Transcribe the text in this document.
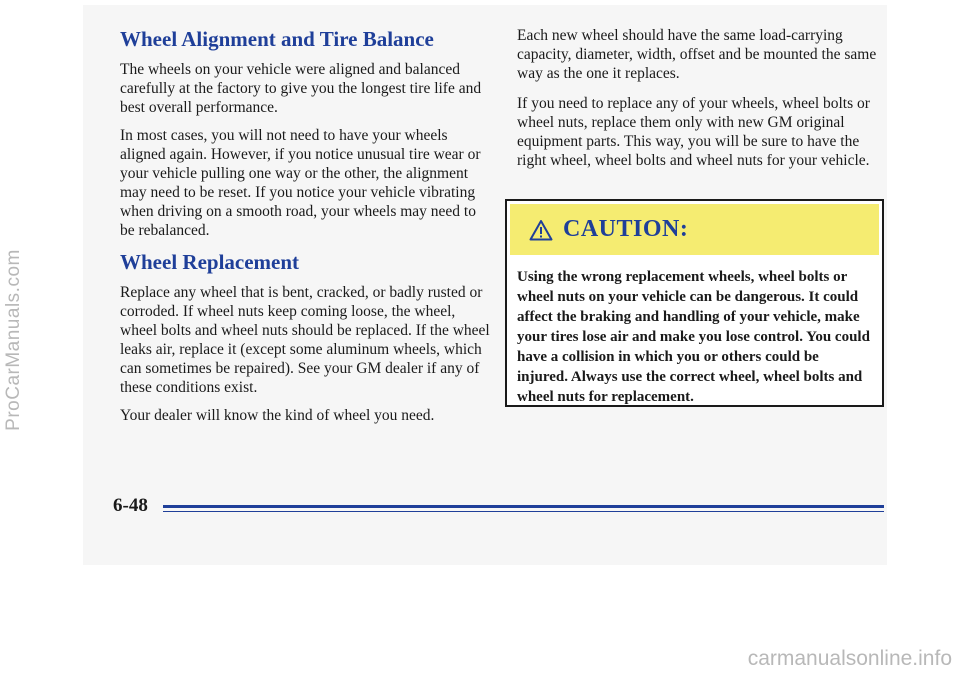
ProCarManuals.com
Wheel Alignment and Tire Balance

The wheels on your vehicle were aligned and balanced carefully at the factory to give you the longest tire life and best overall performance.

In most cases, you will not need to have your wheels aligned again. However, if you notice unusual tire wear or your vehicle pulling one way or the other, the alignment may need to be reset. If you notice your vehicle vibrating when driving on a smooth road, your wheels may need to be rebalanced.

Wheel Replacement

Replace any wheel that is bent, cracked, or badly rusted or corroded. If wheel nuts keep coming loose, the wheel, wheel bolts and wheel nuts should be replaced. If the wheel leaks air, replace it (except some aluminum wheels, which can sometimes be repaired). See your GM dealer if any of these conditions exist.

Your dealer will know the kind of wheel you need.

Each new wheel should have the same load-carrying capacity, diameter, width, offset and be mounted the same way as the one it replaces.

If you need to replace any of your wheels, wheel bolts or wheel nuts, replace them only with new GM original equipment parts. This way, you will be sure to have the right wheel, wheel bolts and wheel nuts for your vehicle.

CAUTION:
Using the wrong replacement wheels, wheel bolts or wheel nuts on your vehicle can be dangerous. It could affect the braking and handling of your vehicle, make your tires lose air and make you lose control. You could have a collision in which you or others could be injured. Always use the correct wheel, wheel bolts and wheel nuts for replacement.
6-48
carmanualsonline.info
